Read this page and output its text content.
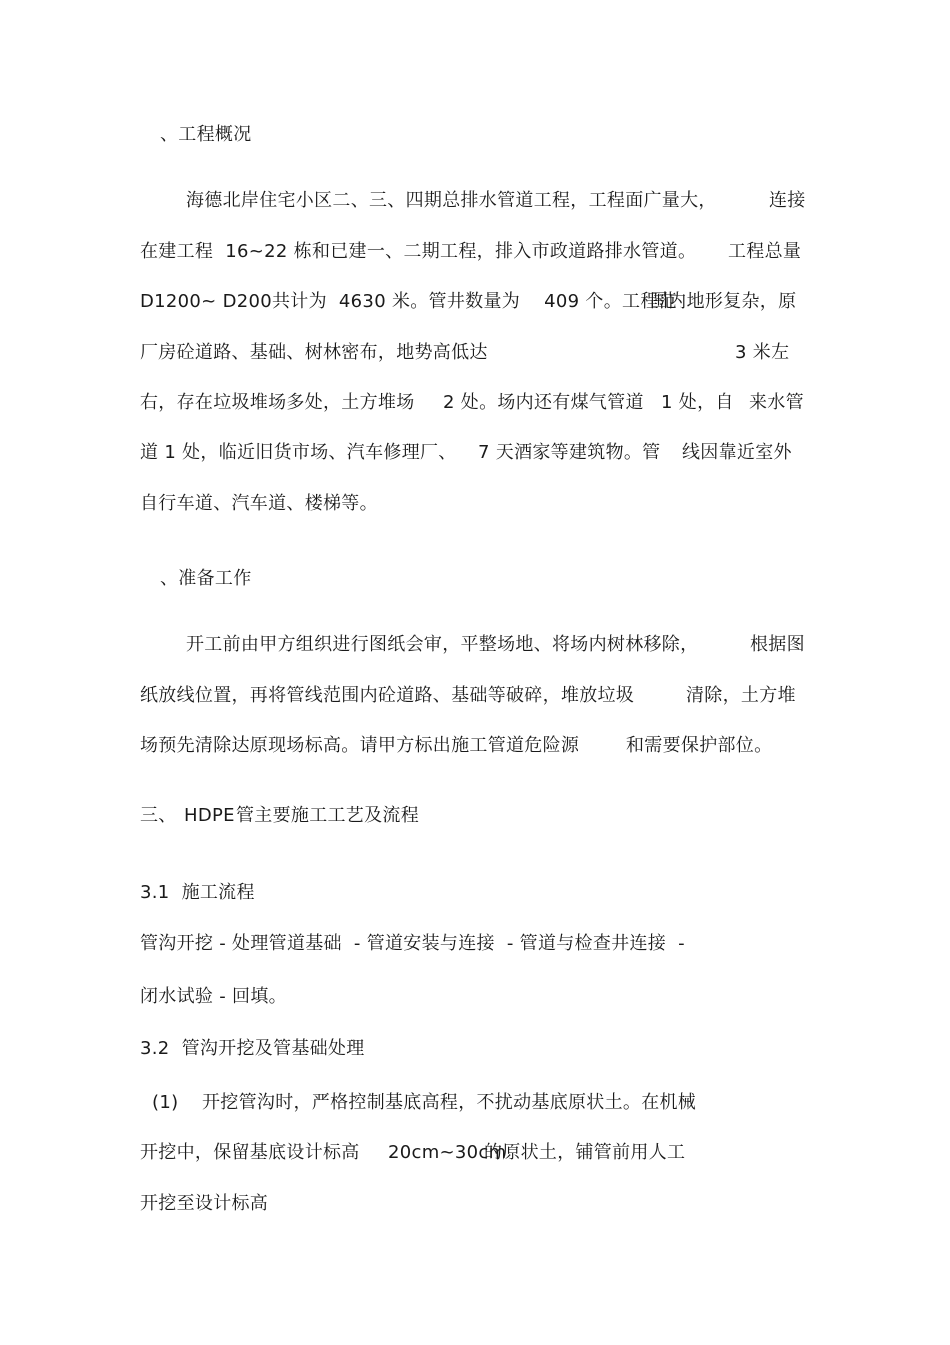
、工程概况
海德北岸住宅小区二、三、四期总排水管道工程，工程面广量大，	连接
在建工程  16~22 栋和已建一、二期工程，排入市政道路排水管道。 工程总量
D1200~ D200共计为  4630 米。管井数量为    409 个。工程范
围内地形复杂，原
厂房砼道路、基础、树林密布，地势高低达	3 米左
右，存在垃圾堆场多处，土方堆场 2 处。场内还有煤气管道 1 处，自 来水管
道 1 处，临近旧货市场、汽车修理厂、 7 天酒家等建筑物。管 线因靠近室外
自行车道、汽车道、楼梯等。
、准备工作
开工前由甲方组织进行图纸会审，平整场地、将场内树林移除，	根据图
纸放线位置，再将管线范围内砼道路、基础等破碎，堆放垃圾	清除，土方堆
场预先清除达原现场标高。请甲方标出施工管道危险源	和需要保护部位。
三、 HDPE 管主要施工工艺及流程
3.1  施工流程
管沟开挖 - 处理管道基础  - 管道安装与连接  - 管道与检查井连接  -
闭水试验 - 回填。
3.2  管沟开挖及管基础处理
(1) 开挖管沟时，严格控制基底高程，不扰动基底原状土。在机械
开挖中，保留基底设计标高 20cm~30cm
的原状土，铺管前用人工
开挖至设计标高
